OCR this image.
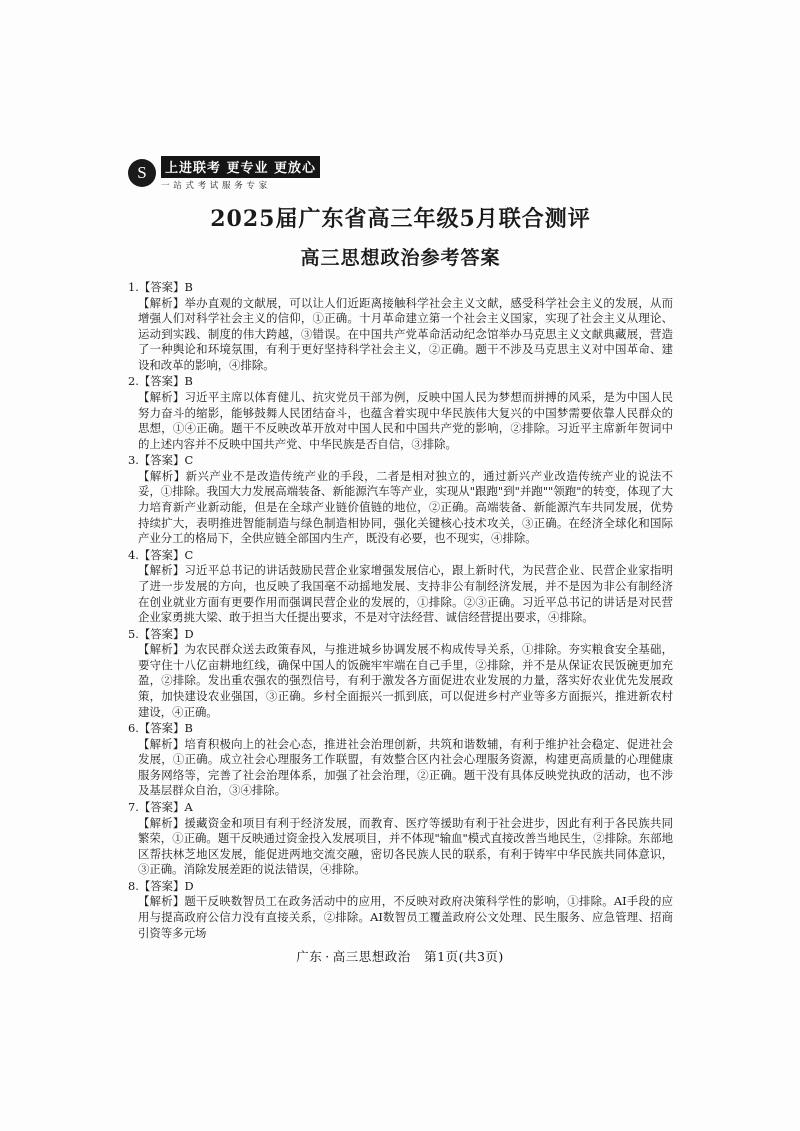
S	上进联考 更专业 更放心
一 站 式 考 试 服 务 专 家
2025届广东省高三年级5月联合测评
高三思想政治参考答案
1.【答案】B
【解析】举办直观的文献展，可以让人们近距离接触科学社会主义文献，感受科学社会主义的发展，从而增强人们对科学社会主义的信仰，①正确。十月革命建立第一个社会主义国家，实现了社会主义从理论、运动到实践、制度的伟大跨越，③错误。在中国共产党革命活动纪念馆举办马克思主义文献典藏展，营造了一种舆论和环境氛围，有利于更好坚持科学社会主义，②正确。题干不涉及马克思主义对中国革命、建设和改革的影响，④排除。
2.【答案】B
【解析】习近平主席以体育健儿、抗灾党员干部为例，反映中国人民为梦想而拼搏的风采，是为中国人民努力奋斗的缩影，能够鼓舞人民团结奋斗，也蕴含着实现中华民族伟大复兴的中国梦需要依靠人民群众的思想，①④正确。题干不反映改革开放对中国人民和中国共产党的影响，②排除。习近平主席新年贺词中的上述内容并不反映中国共产党、中华民族是否自信，③排除。
3.【答案】C
【解析】新兴产业不是改造传统产业的手段，二者是相对独立的，通过新兴产业改造传统产业的说法不妥，①排除。我国大力发展高端装备、新能源汽车等产业，实现从"跟跑"到"并跑""领跑"的转变，体现了大力培育新产业新动能，但是在全球产业链价值链的地位，②正确。高端装备、新能源汽车共同发展，优势持续扩大，表明推进智能制造与绿色制造相协同，强化关键核心技术攻关，③正确。在经济全球化和国际产业分工的格局下，全供应链全部国内生产，既没有必要，也不现实，④排除。
4.【答案】C
【解析】习近平总书记的讲话鼓励民营企业家增强发展信心，跟上新时代，为民营企业、民营企业家指明了进一步发展的方向，也反映了我国毫不动摇地发展、支持非公有制经济发展，并不是因为非公有制经济在创业就业方面有更要作用而强调民营企业的发展的，①排除。②③正确。习近平总书记的讲话是对民营企业家勇挑大梁、敢于担当大任提出要求，不是对守法经营、诚信经营提出要求，④排除。
5.【答案】D
【解析】为农民群众送去政策春风，与推进城乡协调发展不构成传导关系，①排除。夯实粮食安全基础，要守住十八亿亩耕地红线，确保中国人的饭碗牢牢端在自己手里，②排除，并不是从保证农民饭碗更加充盈，②排除。发出重农强农的强烈信号，有利于激发各方面促进农业发展的力量，落实好农业优先发展政策，加快建设农业强国，③正确。乡村全面振兴一抓到底，可以促进乡村产业等多方面振兴，推进新农村建设，④正确。
6.【答案】B
【解析】培育积极向上的社会心态，推进社会治理创新，共筑和谐数辅，有利于维护社会稳定、促进社会发展，①正确。成立社会心理服务工作联盟，有效整合区内社会心理服务资源，构建更高质量的心理健康服务网络等，完善了社会治理体系，加强了社会治理，②正确。题干没有具体反映党执政的活动，也不涉及基层群众自治，③④排除。
7.【答案】A
【解析】援藏资金和项目有利于经济发展，而教育、医疗等援助有利于社会进步，因此有利于各民族共同繁荣，①正确。题干反映通过资金投入发展项目，并不体现"输血"模式直接改善当地民生，②排除。东部地区帮扶林芝地区发展，能促进两地交流交融，密切各民族人民的联系，有利于铸牢中华民族共同体意识，③正确。消除发展差距的说法错误，④排除。
8.【答案】D
【解析】题干反映数智员工在政务活动中的应用，不反映对政府决策科学性的影响，①排除。AI手段的应用与提高政府公信力没有直接关系，②排除。AI数智员工覆盖政府公文处理、民生服务、应急管理、招商引资等多元场
广东 · 高三思想政治 第1页(共3页)
